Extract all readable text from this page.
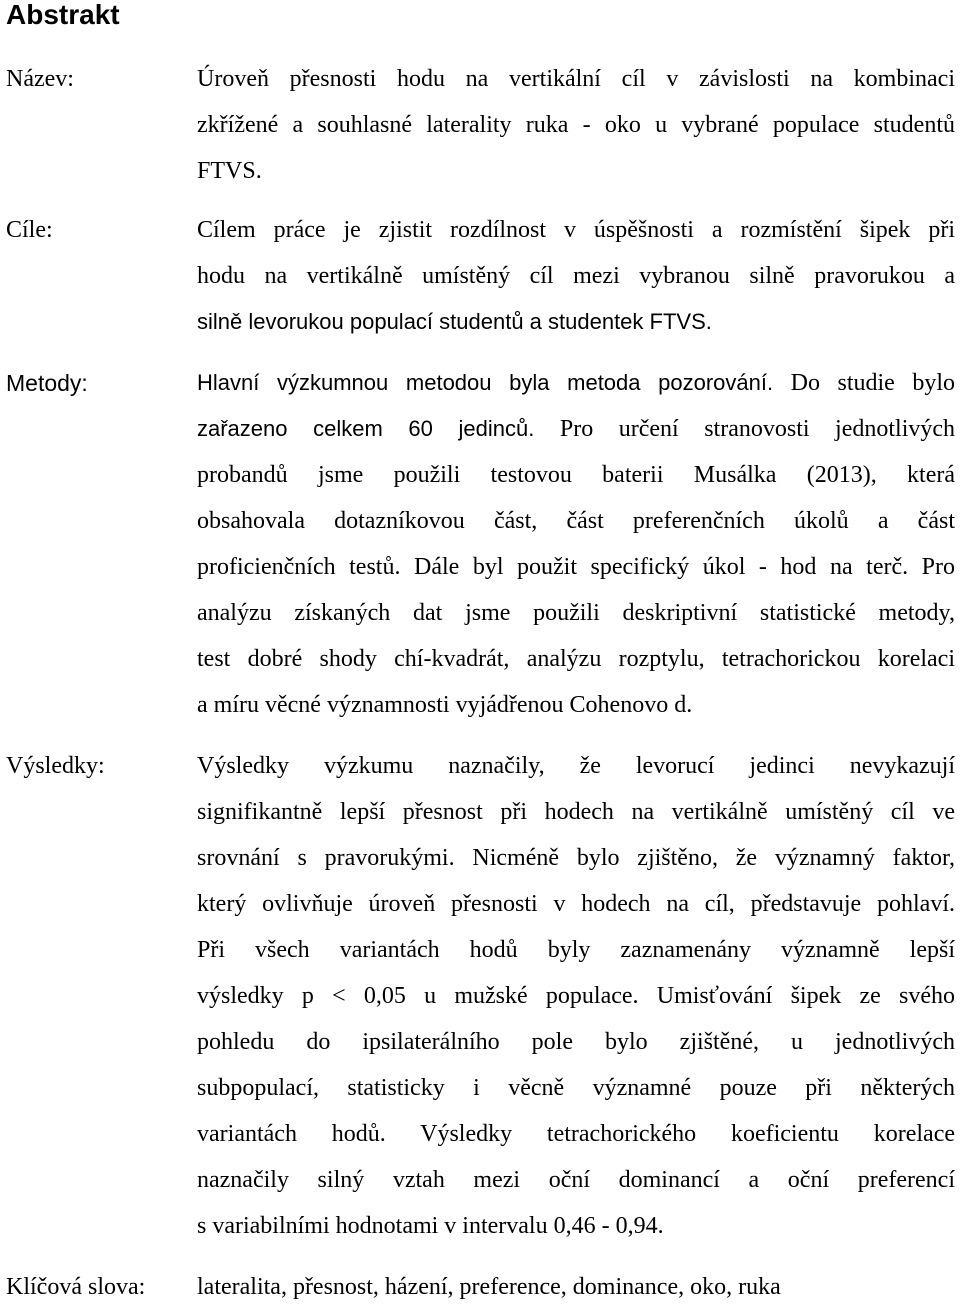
Abstrakt
Název:	Úroveň přesnosti hodu na vertikální cíl v závislosti na kombinaci
zkřížené a souhlasné laterality ruka - oko u vybrané populace studentů
FTVS.
Cíle:	Cílem práce je zjistit rozdílnost v úspěšnosti a rozmístění šipek při
hodu na vertikálně umístěný cíl mezi vybranou silně pravorukou a
silně levorukou populací studentů a studentek FTVS.
Metody:	Hlavní výzkumnou metodou byla metoda pozorování. Do studie bylo
zařazeno celkem 60 jedinců. Pro určení stranovosti jednotlivých
probandů jsme použili testovou baterii Musálka (2013), která
obsahovala dotazníkovou část, část preferenčních úkolů a část
proficienčních testů. Dále byl použit specifický úkol - hod na terč. Pro
analýzu získaných dat jsme použili deskriptivní statistické metody,
test dobré shody chí-kvadrát, analýzu rozptylu, tetrachorickou korelaci
a míru věcné významnosti vyjádřenou Cohenovo d.
Výsledky:	Výsledky výzkumu naznačily, že levorucí jedinci nevykazují
signifikantně lepší přesnost při hodech na vertikálně umístěný cíl ve
srovnání s pravorukými. Nicméně bylo zjištěno, že významný faktor,
který ovlivňuje úroveň přesnosti v hodech na cíl, představuje pohlaví.
Při všech variantách hodů byly zaznamenány významně lepší
výsledky p < 0,05 u mužské populace. Umisťování šipek ze svého
pohledu do ipsilaterálního pole bylo zjištěné, u jednotlivých
subpopulací, statisticky i věcně významné pouze při některých
variantách hodů. Výsledky tetrachorického koeficientu korelace
naznačily silný vztah mezi oční dominancí a oční preferencí
s variabilními hodnotami v intervalu 0,46 - 0,94.
Klíčová slova: lateralita, přesnost, házení, preference, dominance, oko, ruka
